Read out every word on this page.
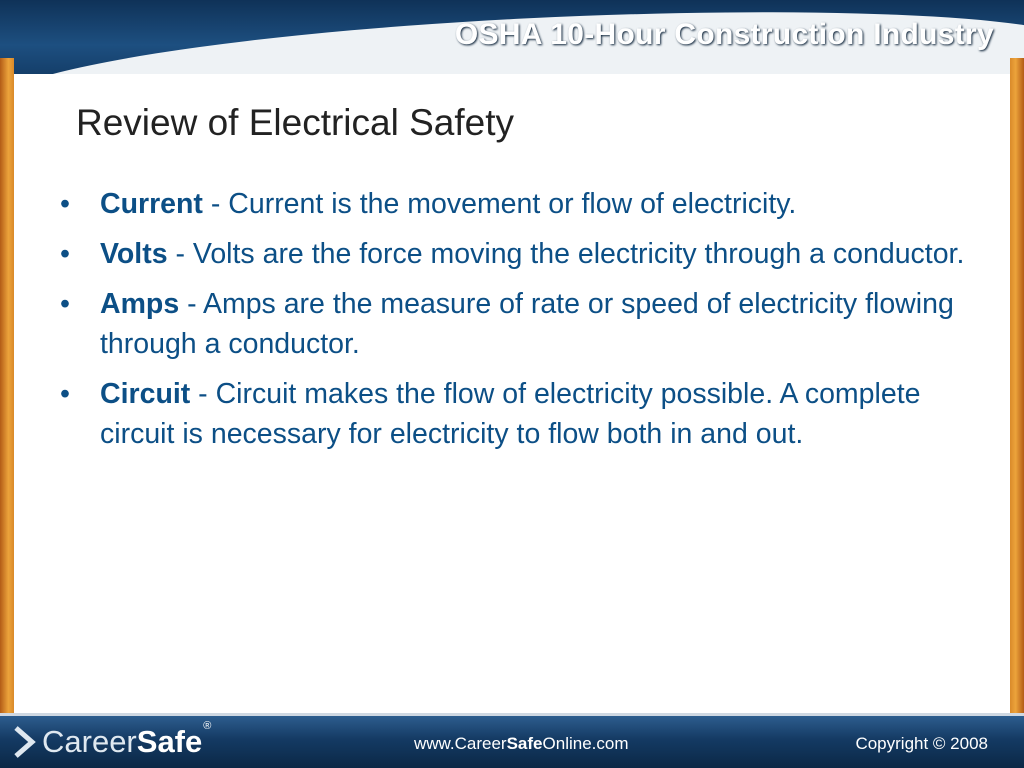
OSHA 10-Hour Construction Industry
Review of Electrical Safety
• Current - Current is the movement or flow of electricity.
• Volts - Volts are the force moving the electricity through a conductor.
• Amps - Amps are the measure of rate or speed of electricity flowing through a conductor.
• Circuit - Circuit makes the flow of electricity possible. A complete circuit is necessary for electricity to flow both in and out.
CareerSafe ®
www.CareerSafeOnline.com	Copyright © 2008
